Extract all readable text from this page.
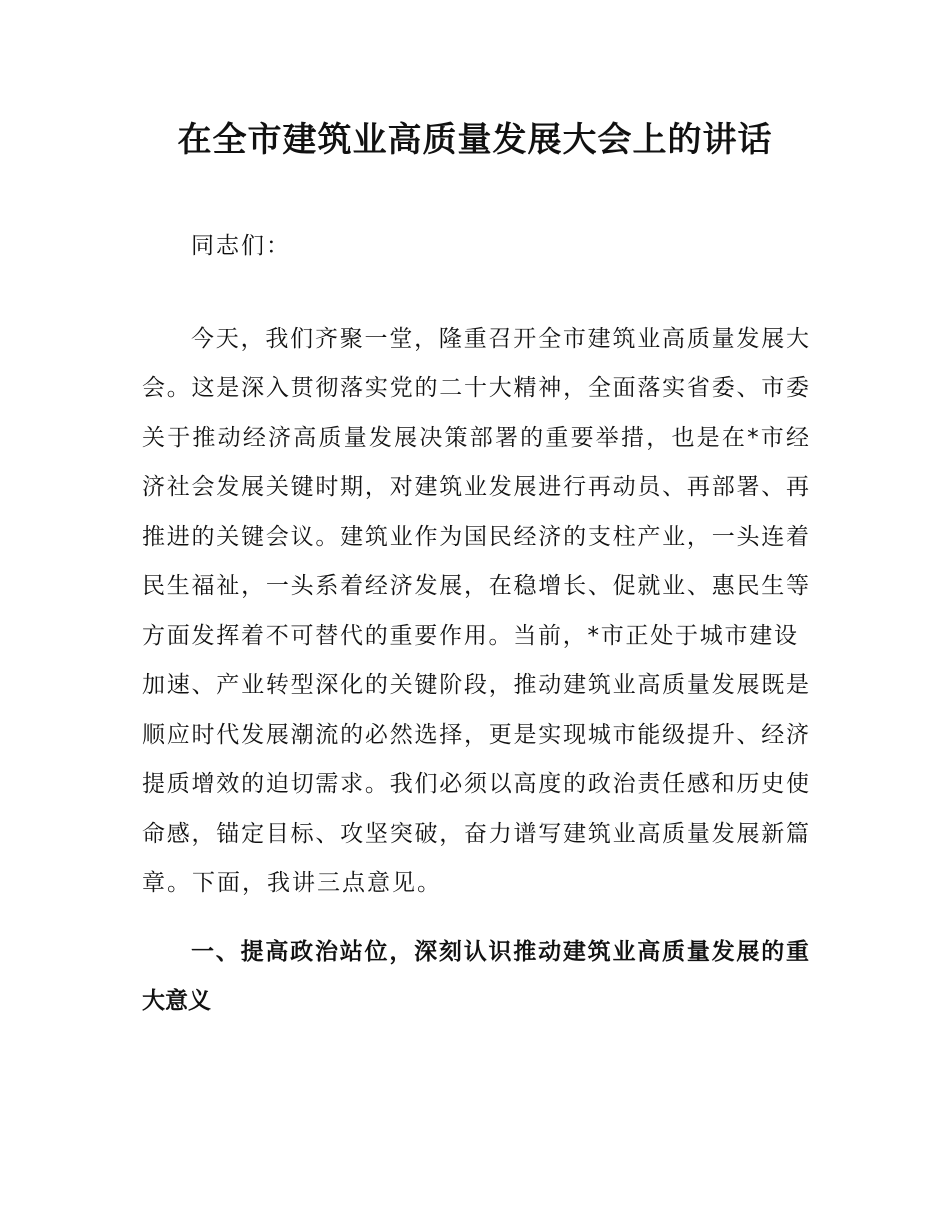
在全市建筑业高质量发展大会上的讲话

同志们：

今天，我们齐聚一堂，隆重召开全市建筑业高质量发展大

会。这是深入贯彻落实党的二十大精神，全面落实省委、市委

关于推动经济高质量发展决策部署的重要举措，也是在*市经

济社会发展关键时期，对建筑业发展进行再动员、再部署、再

推进的关键会议。建筑业作为国民经济的支柱产业，一头连着

民生福祉，一头系着经济发展，在稳增长、促就业、惠民生等

方面发挥着不可替代的重要作用。当前，*市正处于城市建设

加速、产业转型深化的关键阶段，推动建筑业高质量发展既是

顺应时代发展潮流的必然选择，更是实现城市能级提升、经济

提质增效的迫切需求。我们必须以高度的政治责任感和历史使

命感，锚定目标、攻坚突破，奋力谱写建筑业高质量发展新篇

章。下面，我讲三点意见。

一、提高政治站位，深刻认识推动建筑业高质量发展的重

大意义
